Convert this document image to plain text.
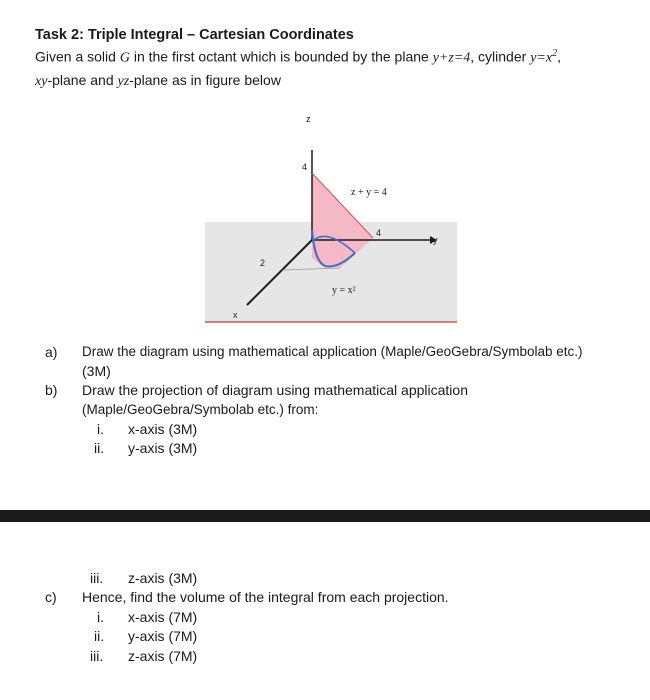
Task 2: Triple Integral – Cartesian Coordinates
Given a solid G in the first octant which is bounded by the plane y+z=4, cylinder $y=x^2$,
xy-plane and yz-plane as in figure below
z
y
x
4
4
2
z + y = 4
y = x²
a) Draw the diagram using mathematical application (Maple/GeoGebra/Symbolab etc.)
(3M)
b) Draw the projection of diagram using mathematical application
(Maple/GeoGebra/Symbolab etc.) from:
i. x-axis (3M)
ii. y-axis (3M)
iii. z-axis (3M)
c) Hence, find the volume of the integral from each projection.
i. x-axis (7M)
ii. y-axis (7M)
iii. z-axis (7M)
